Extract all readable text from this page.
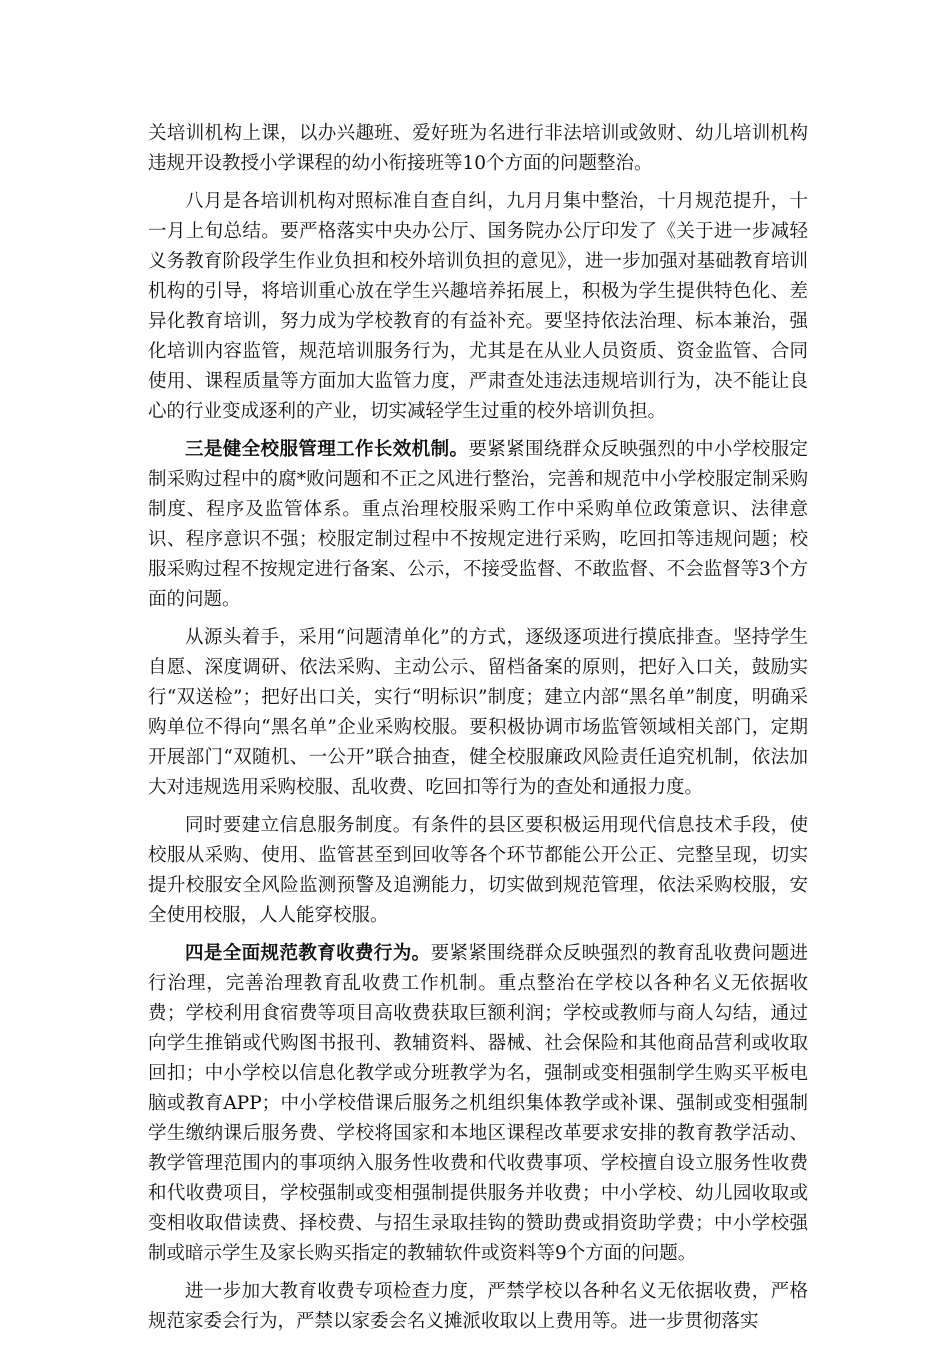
关培训机构上课，以办兴趣班、爱好班为名进行非法培训或敛财、幼儿培训机构违规开设教授小学课程的幼小衔接班等10个方面的问题整治。

八月是各培训机构对照标准自查自纠，九月月集中整治，十月规范提升，十一月上旬总结。要严格落实中央办公厅、国务院办公厅印发了《关于进一步减轻义务教育阶段学生作业负担和校外培训负担的意见》，进一步加强对基础教育培训机构的引导，将培训重心放在学生兴趣培养拓展上，积极为学生提供特色化、差异化教育培训，努力成为学校教育的有益补充。要坚持依法治理、标本兼治，强化培训内容监管，规范培训服务行为，尤其是在从业人员资质、资金监管、合同使用、课程质量等方面加大监管力度，严肃查处违法违规培训行为，决不能让良心的行业变成逐利的产业，切实减轻学生过重的校外培训负担。

三是健全校服管理工作长效机制。要紧紧围绕群众反映强烈的中小学校服定制采购过程中的腐*败问题和不正之风进行整治，完善和规范中小学校服定制采购制度、程序及监管体系。重点治理校服采购工作中采购单位政策意识、法律意识、程序意识不强；校服定制过程中不按规定进行采购，吃回扣等违规问题；校服采购过程不按规定进行备案、公示，不接受监督、不敢监督、不会监督等3个方面的问题。

从源头着手，采用“问题清单化”的方式，逐级逐项进行摸底排查。坚持学生自愿、深度调研、依法采购、主动公示、留档备案的原则，把好入口关，鼓励实行“双送检”；把好出口关，实行“明标识”制度；建立内部“黑名单”制度，明确采购单位不得向“黑名单”企业采购校服。要积极协调市场监管领域相关部门，定期开展部门“双随机、一公开”联合抽查，健全校服廉政风险责任追究机制，依法加大对违规选用采购校服、乱收费、吃回扣等行为的查处和通报力度。

同时要建立信息服务制度。有条件的县区要积极运用现代信息技术手段，使校服从采购、使用、监管甚至到回收等各个环节都能公开公正、完整呈现，切实提升校服安全风险监测预警及追溯能力，切实做到规范管理，依法采购校服，安全使用校服，人人能穿校服。

四是全面规范教育收费行为。要紧紧围绕群众反映强烈的教育乱收费问题进行治理，完善治理教育乱收费工作机制。重点整治在学校以各种名义无依据收费；学校利用食宿费等项目高收费获取巨额利润；学校或教师与商人勾结，通过向学生推销或代购图书报刊、教辅资料、器械、社会保险和其他商品营利或收取回扣；中小学校以信息化教学或分班教学为名，强制或变相强制学生购买平板电脑或教育APP；中小学校借课后服务之机组织集体教学或补课、强制或变相强制学生缴纳课后服务费、学校将国家和本地区课程改革要求安排的教育教学活动、教学管理范围内的事项纳入服务性收费和代收费事项、学校擅自设立服务性收费和代收费项目，学校强制或变相强制提供服务并收费；中小学校、幼儿园收取或变相收取借读费、择校费、与招生录取挂钩的赞助费或捐资助学费；中小学校强制或暗示学生及家长购买指定的教辅软件或资料等9个方面的问题。

进一步加大教育收费专项检查力度，严禁学校以各种名义无依据收费，严格规范家委会行为，严禁以家委会名义摊派收取以上费用等。进一步贯彻落实
